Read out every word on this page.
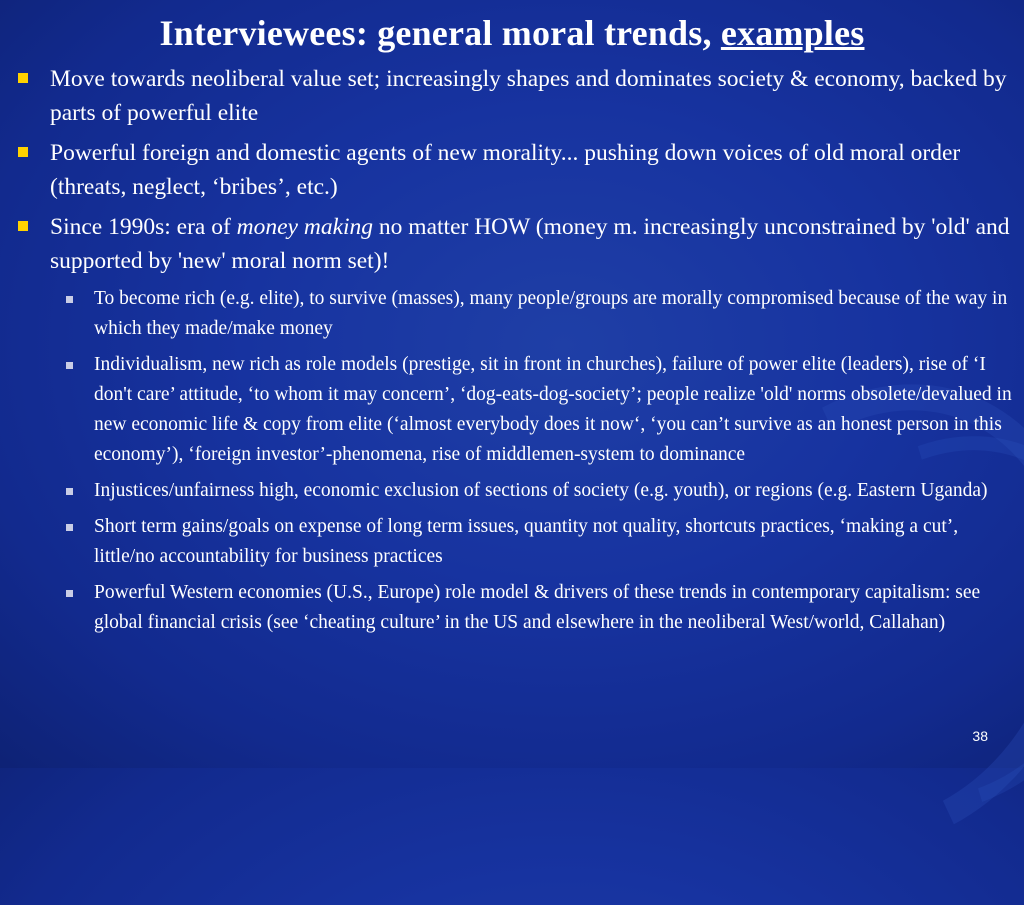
Interviewees: general moral trends, examples
Move towards neoliberal value set; increasingly shapes and dominates society & economy, backed by parts of powerful elite
Powerful foreign and domestic agents of new morality... pushing down voices of old moral order (threats, neglect, ‘bribes’, etc.)
Since 1990s: era of money making no matter HOW (money m. increasingly unconstrained by 'old' and supported by 'new' moral norm set)!
To become rich (e.g. elite), to survive (masses), many people/groups are morally compromised because of the way in which they made/make money
Individualism, new rich as role models (prestige, sit in front in churches), failure of power elite (leaders), rise of ‘I don't care’ attitude, ‘to whom it may concern’, ‘dog-eats-dog-society’; people realize 'old' norms obsolete/devalued in new economic life & copy from elite (‘almost everybody does it now‘, ‘you can’t survive as an honest person in this economy’), ‘foreign investor’-phenomena, rise of middlemen-system to dominance
Injustices/unfairness high, economic exclusion of sections of society (e.g. youth), or regions (e.g. Eastern Uganda)
Short term gains/goals on expense of long term issues, quantity not quality, shortcuts practices, ‘making a cut’, little/no accountability for business practices
Powerful Western economies (U.S., Europe) role model & drivers of these trends in contemporary capitalism: see global financial crisis (see ‘cheating culture’ in the US and elsewhere in the neoliberal West/world, Callahan)
38
